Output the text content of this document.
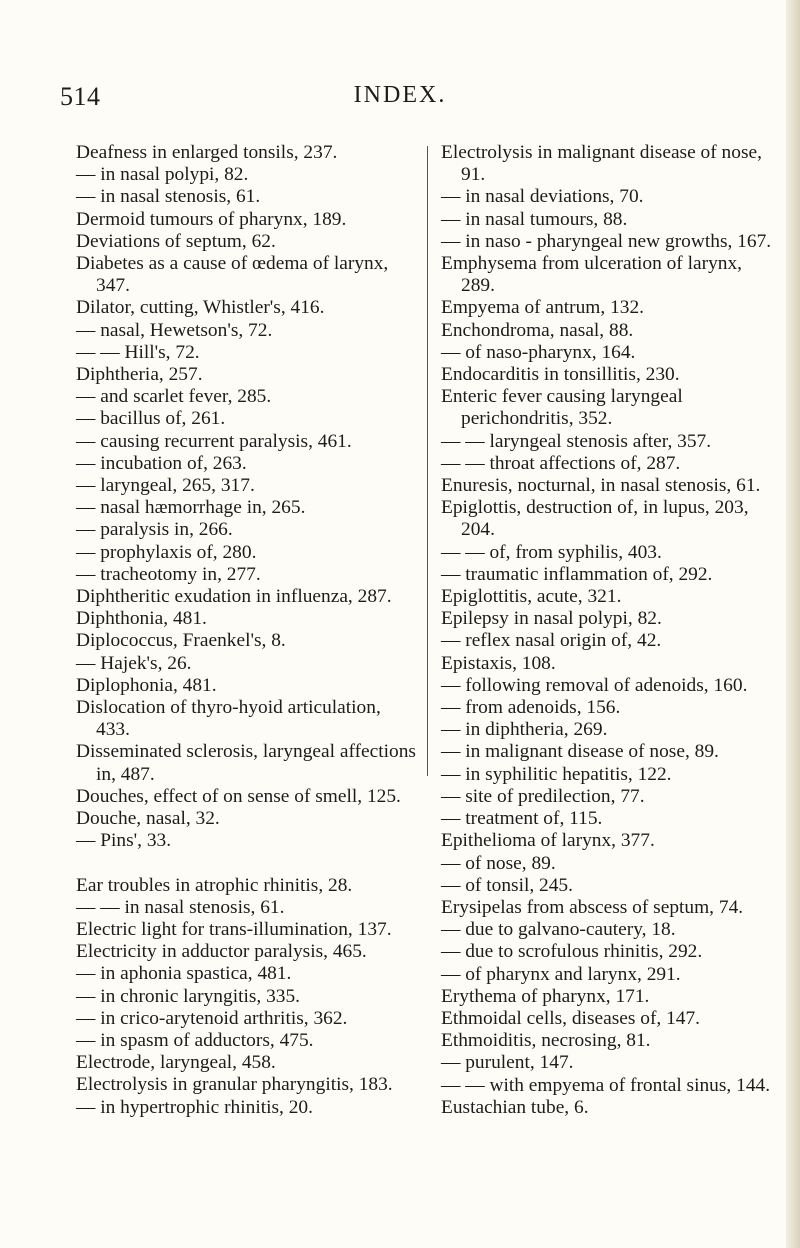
514	INDEX.
Deafness in enlarged tonsils, 237.
— in nasal polypi, 82.
— in nasal stenosis, 61.
Dermoid tumours of pharynx, 189.
Deviations of septum, 62.
Diabetes as a cause of œdema of larynx, 347.
Dilator, cutting, Whistler's, 416.
— nasal, Hewetson's, 72.
— — Hill's, 72.
Diphtheria, 257.
— and scarlet fever, 285.
— bacillus of, 261.
— causing recurrent paralysis, 461.
— incubation of, 263.
— laryngeal, 265, 317.
— nasal hæmorrhage in, 265.
— paralysis in, 266.
— prophylaxis of, 280.
— tracheotomy in, 277.
Diphtheritic exudation in influenza, 287.
Diphthonia, 481.
Diplococcus, Fraenkel's, 8.
— Hajek's, 26.
Diplophonia, 481.
Dislocation of thyro-hyoid articulation, 433.
Disseminated sclerosis, laryngeal affections in, 487.
Douches, effect of on sense of smell, 125.
Douche, nasal, 32.
— Pins', 33.
Ear troubles in atrophic rhinitis, 28.
— — in nasal stenosis, 61.
Electric light for trans-illumination, 137.
Electricity in adductor paralysis, 465.
— in aphonia spastica, 481.
— in chronic laryngitis, 335.
— in crico-arytenoid arthritis, 362.
— in spasm of adductors, 475.
Electrode, laryngeal, 458.
Electrolysis in granular pharyngitis, 183.
— in hypertrophic rhinitis, 20.
Electrolysis in malignant disease of nose, 91.
— in nasal deviations, 70.
— in nasal tumours, 88.
— in naso - pharyngeal new growths, 167.
Emphysema from ulceration of larynx, 289.
Empyema of antrum, 132.
Enchondroma, nasal, 88.
— of naso-pharynx, 164.
Endocarditis in tonsillitis, 230.
Enteric fever causing laryngeal perichondritis, 352.
— — laryngeal stenosis after, 357.
— — throat affections of, 287.
Enuresis, nocturnal, in nasal stenosis, 61.
Epiglottis, destruction of, in lupus, 203, 204.
— — of, from syphilis, 403.
— traumatic inflammation of, 292.
Epiglottitis, acute, 321.
Epilepsy in nasal polypi, 82.
— reflex nasal origin of, 42.
Epistaxis, 108.
— following removal of adenoids, 160.
— from adenoids, 156.
— in diphtheria, 269.
— in malignant disease of nose, 89.
— in syphilitic hepatitis, 122.
— site of predilection, 77.
— treatment of, 115.
Epithelioma of larynx, 377.
— of nose, 89.
— of tonsil, 245.
Erysipelas from abscess of septum, 74.
— due to galvano-cautery, 18.
— due to scrofulous rhinitis, 292.
— of pharynx and larynx, 291.
Erythema of pharynx, 171.
Ethmoidal cells, diseases of, 147.
Ethmoiditis, necrosing, 81.
— purulent, 147.
— — with empyema of frontal sinus, 144.
Eustachian tube, 6.
